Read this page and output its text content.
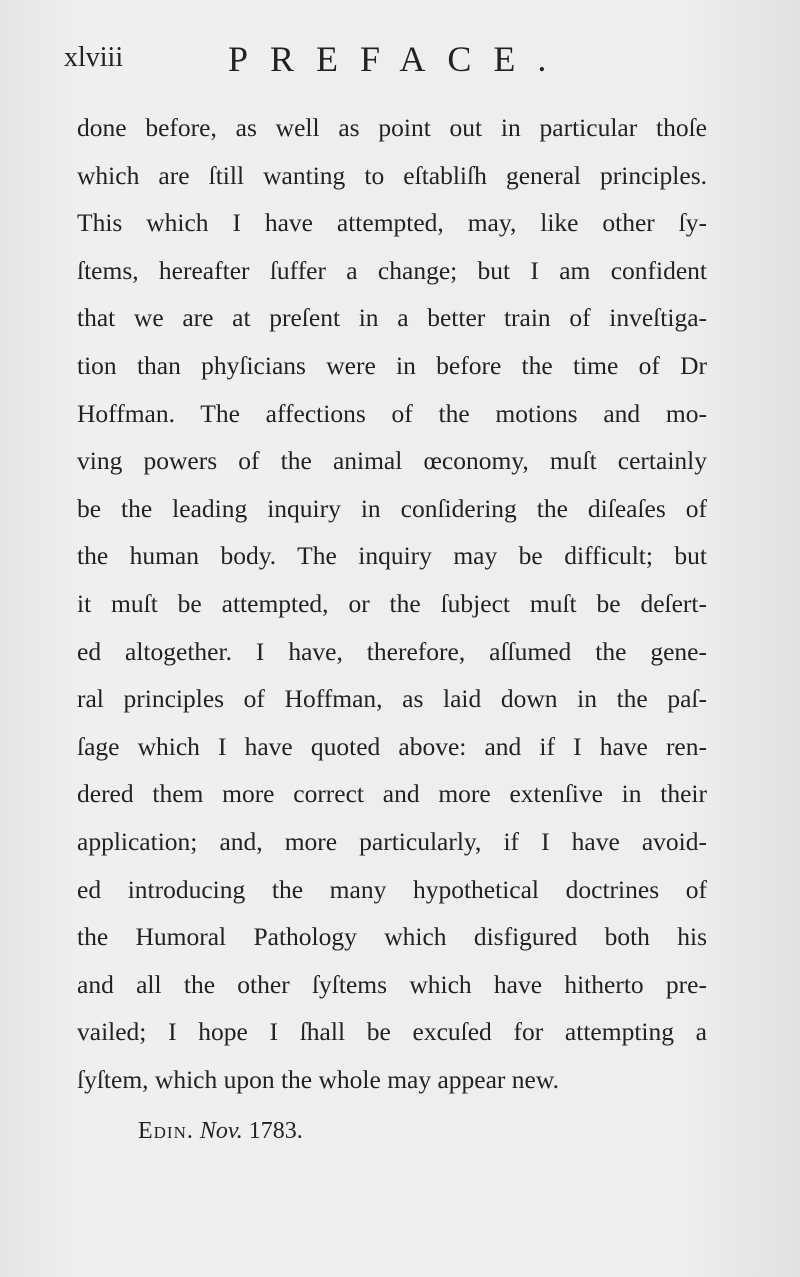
xlviii	PREFACE.
done before, as well as point out in particular thoſe
which are ſtill wanting to eſtabliſh general principles.
This which I have attempted, may, like other ſy-
ſtems, hereafter ſuffer a change; but I am confident
that we are at preſent in a better train of inveſtiga-
tion than phyſicians were in before the time of Dr
Hoffman. The affections of the motions and mo-
ving powers of the animal œconomy, muſt certainly
be the leading inquiry in conſidering the diſeaſes of
the human body. The inquiry may be difficult; but
it muſt be attempted, or the ſubject muſt be deſert-
ed altogether. I have, therefore, aſſumed the gene-
ral principles of Hoffman, as laid down in the paſ-
ſage which I have quoted above: and if I have ren-
dered them more correct and more extenſive in their
application; and, more particularly, if I have avoid-
ed introducing the many hypothetical doctrines of
the Humoral Pathology which disfigured both his
and all the other ſyſtems which have hitherto pre-
vailed; I hope I ſhall be excuſed for attempting a
ſyſtem, which upon the whole may appear new.
Edin. Nov. 1783.
